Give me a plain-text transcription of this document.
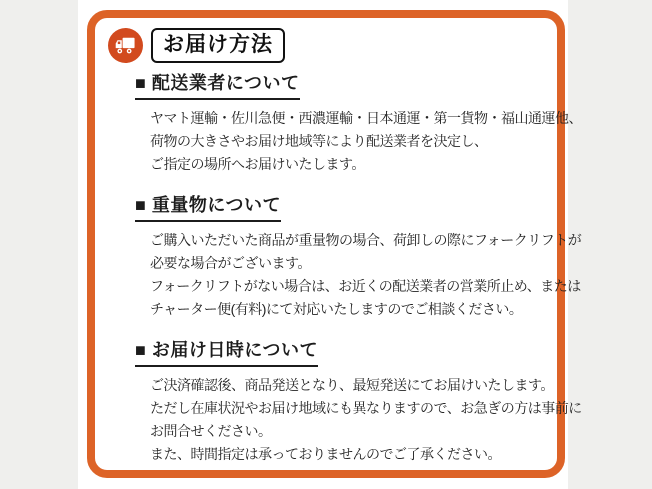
お届け方法
■ 配送業者について
ヤマト運輸・佐川急便・西濃運輸・日本通運・第一貨物・福山通運他、
荷物の大きさやお届け地域等により配送業者を決定し、
ご指定の場所へお届けいたします。
■ 重量物について
ご購入いただいた商品が重量物の場合、荷卸しの際にフォークリフトが
必要な場合がございます。
フォークリフトがない場合は、お近くの配送業者の営業所止め、または
チャーター便(有料)にて対応いたしますのでご相談ください。
■ お届け日時について
ご決済確認後、商品発送となり、最短発送にてお届けいたします。
ただし在庫状況やお届け地域にも異なりますので、お急ぎの方は事前に
お問合せください。
また、時間指定は承っておりませんのでご了承ください。
